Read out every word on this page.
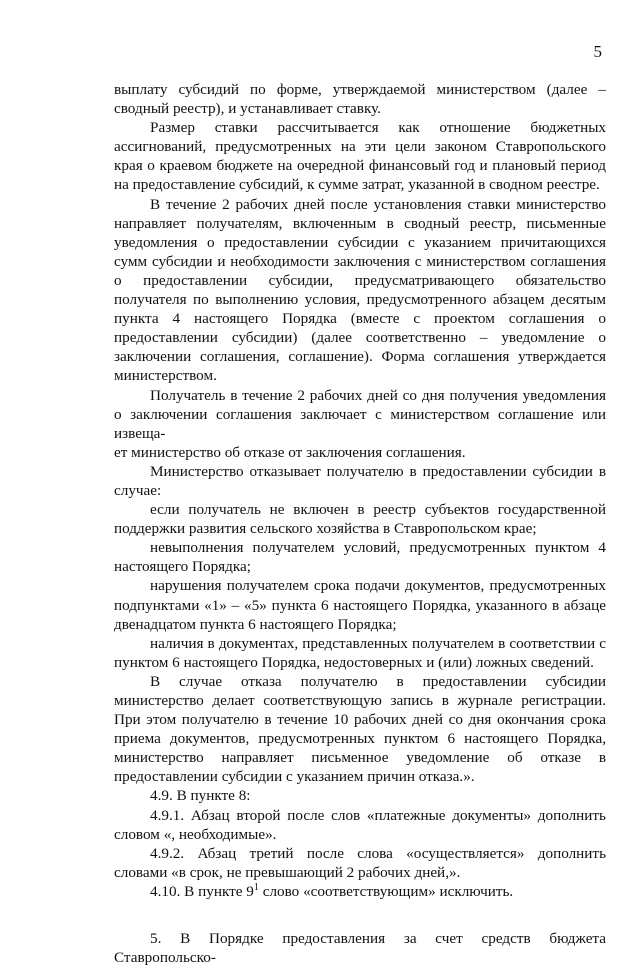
5

выплату субсидий по форме, утверждаемой министерством (далее – сводный реестр), и устанавливает ставку.

Размер ставки рассчитывается как отношение бюджетных ассигнований, предусмотренных на эти цели законом Ставропольского края о краевом бюджете на очередной финансовый год и плановый период на предоставление субсидий, к сумме затрат, указанной в сводном реестре.

В течение 2 рабочих дней после установления ставки министерство направляет получателям, включенным в сводный реестр, письменные уведомления о предоставлении субсидии с указанием причитающихся сумм субсидии и необходимости заключения с министерством соглашения о предоставлении субсидии, предусматривающего обязательство получателя по выполнению условия, предусмотренного абзацем десятым пункта 4 настоящего Порядка (вместе с проектом соглашения о предоставлении субсидии) (далее соответственно – уведомление о заключении соглашения, соглашение). Форма соглашения утверждается министерством.

Получатель в течение 2 рабочих дней со дня получения уведомления о заключении соглашения заключает с министерством соглашение или извеща-

ет министерство об отказе от заключения соглашения.

Министерство отказывает получателю в предоставлении субсидии в случае:

если получатель не включен в реестр субъектов государственной поддержки развития сельского хозяйства в Ставропольском крае;

невыполнения получателем условий, предусмотренных пунктом 4 настоящего Порядка;

нарушения получателем срока подачи документов, предусмотренных подпунктами «1» – «5» пункта 6 настоящего Порядка, указанного в абзаце двенадцатом пункта 6 настоящего Порядка;

наличия в документах, представленных получателем в соответствии с пунктом 6 настоящего Порядка, недостоверных и (или) ложных сведений.

В случае отказа получателю в предоставлении субсидии министерство делает соответствующую запись в журнале регистрации. При этом получателю в течение 10 рабочих дней со дня окончания срока приема документов, предусмотренных пунктом 6 настоящего Порядка, министерство направляет письменное уведомление об отказе в предоставлении субсидии с указанием причин отказа.».

4.9. В пункте 8:

4.9.1. Абзац второй после слов «платежные документы» дополнить словом «, необходимые».

4.9.2. Абзац третий после слова «осуществляется» дополнить словами «в срок, не превышающий 2 рабочих дней,».

4.10. В пункте $9^1$ слово «соответствующим» исключить.

5. В Порядке предоставления за счет средств бюджета Ставропольско-
